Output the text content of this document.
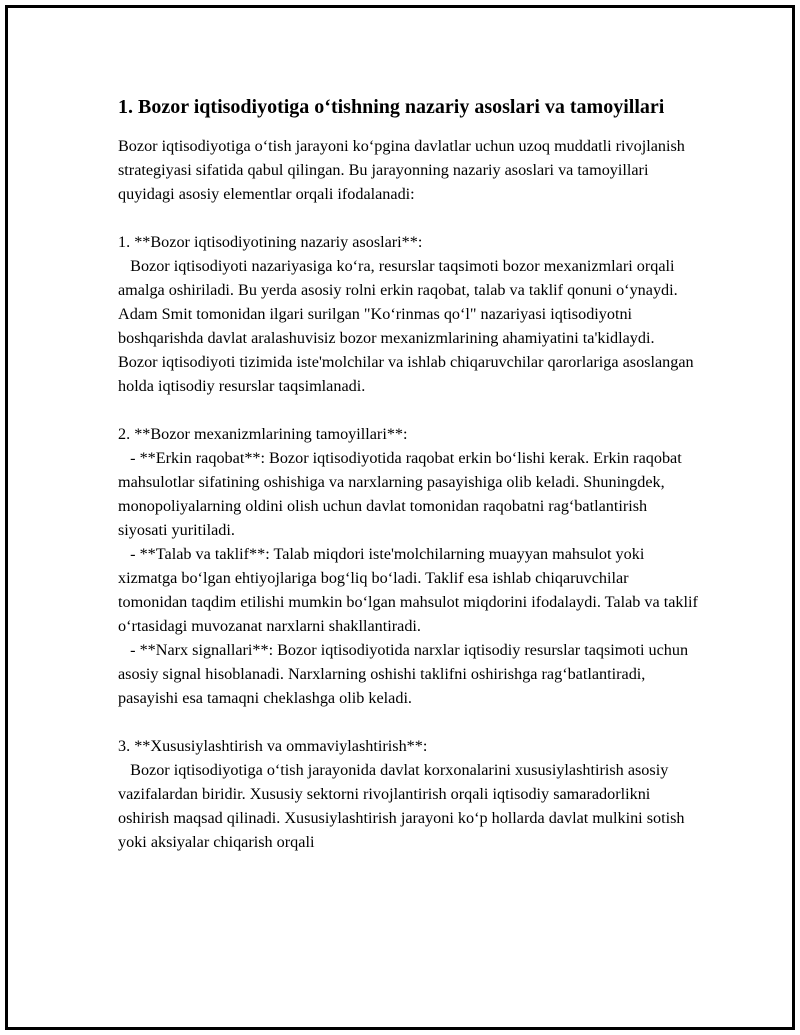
1. Bozor iqtisodiyotiga o‘tishning nazariy asoslari va tamoyillari

Bozor iqtisodiyotiga o‘tish jarayoni ko‘pgina davlatlar uchun uzoq muddatli rivojlanish strategiyasi sifatida qabul qilingan. Bu jarayonning nazariy asoslari va tamoyillari quyidagi asosiy elementlar orqali ifodalanadi:

1. **Bozor iqtisodiyotining nazariy asoslari**:
Bozor iqtisodiyoti nazariyasiga ko‘ra, resurslar taqsimoti bozor mexanizmlari orqali amalga oshiriladi. Bu yerda asosiy rolni erkin raqobat, talab va taklif qonuni o‘ynaydi. Adam Smit tomonidan ilgari surilgan "Ko‘rinmas qo‘l" nazariyasi iqtisodiyotni boshqarishda davlat aralashuvisiz bozor mexanizmlarining ahamiyatini ta'kidlaydi. Bozor iqtisodiyoti tizimida iste'molchilar va ishlab chiqaruvchilar qarorlariga asoslangan holda iqtisodiy resurslar taqsimlanadi.

2. **Bozor mexanizmlarining tamoyillari**:
- **Erkin raqobat**: Bozor iqtisodiyotida raqobat erkin bo‘lishi kerak. Erkin raqobat mahsulotlar sifatining oshishiga va narxlarning pasayishiga olib keladi. Shuningdek, monopoliyalarning oldini olish uchun davlat tomonidan raqobatni rag‘batlantirish siyosati yuritiladi.
- **Talab va taklif**: Talab miqdori iste'molchilarning muayyan mahsulot yoki xizmatga bo‘lgan ehtiyojlariga bog‘liq bo‘ladi. Taklif esa ishlab chiqaruvchilar tomonidan taqdim etilishi mumkin bo‘lgan mahsulot miqdorini ifodalaydi. Talab va taklif o‘rtasidagi muvozanat narxlarni shakllantiradi.
- **Narx signallari**: Bozor iqtisodiyotida narxlar iqtisodiy resurslar taqsimoti uchun asosiy signal hisoblanadi. Narxlarning oshishi taklifni oshirishga rag‘batlantiradi, pasayishi esa tamaqni cheklashga olib keladi.

3. **Xususiylashtirish va ommaviylashtirish**:
Bozor iqtisodiyotiga o‘tish jarayonida davlat korxonalarini xususiylashtirish asosiy vazifalardan biridir. Xususiy sektorni rivojlantirish orqali iqtisodiy samaradorlikni oshirish maqsad qilinadi. Xususiylashtirish jarayoni ko‘p hollarda davlat mulkini sotish yoki aksiyalar chiqarish orqali
